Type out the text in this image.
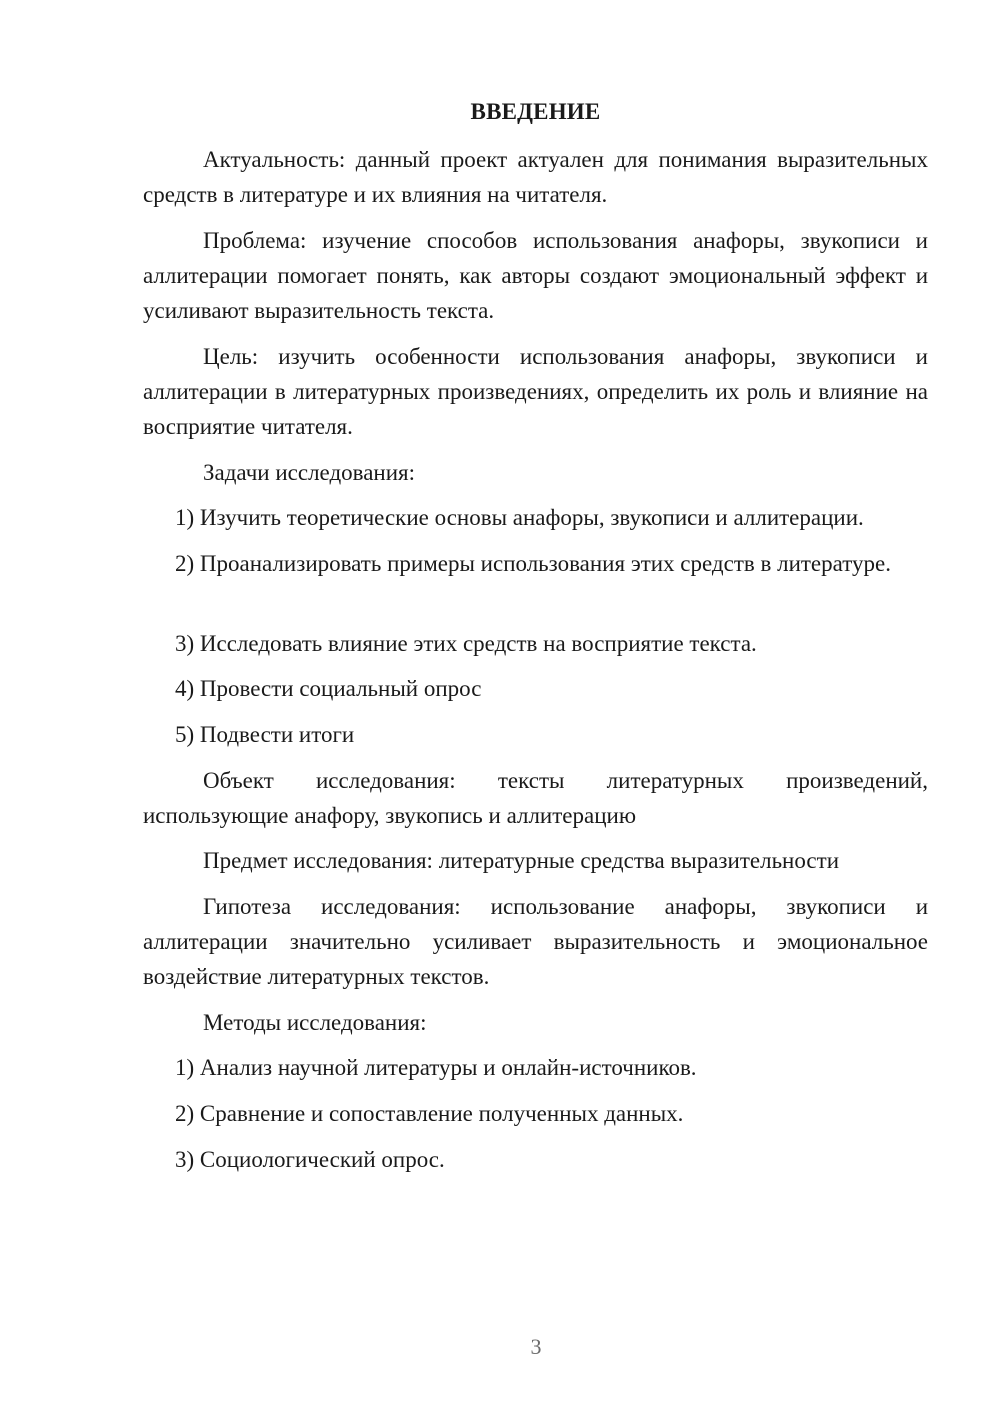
ВВЕДЕНИЕ

Актуальность: данный проект актуален для понимания выразительных средств в литературе и их влияния на читателя.

Проблема: изучение способов использования анафоры, звукописи и аллитерации помогает понять, как авторы создают эмоциональный эффект и усиливают выразительность текста.

Цель: изучить особенности использования анафоры, звукописи и аллитерации в литературных произведениях, определить их роль и влияние на восприятие читателя.

Задачи исследования:

1) Изучить теоретические основы анафоры, звукописи и аллитерации.

2) Проанализировать примеры использования этих средств в литературе.

3) Исследовать влияние этих средств на восприятие текста.

4) Провести социальный опрос

5) Подвести итоги

Объект исследования: тексты литературных произведений, использующие анафору, звукопись и аллитерацию

Предмет исследования: литературные средства выразительности

Гипотеза исследования: использование анафоры, звукописи и аллитерации значительно усиливает выразительность и эмоциональное воздействие литературных текстов.

Методы исследования:

1) Анализ научной литературы и онлайн-источников.

2) Сравнение и сопоставление полученных данных.

3) Социологический опрос.

3
